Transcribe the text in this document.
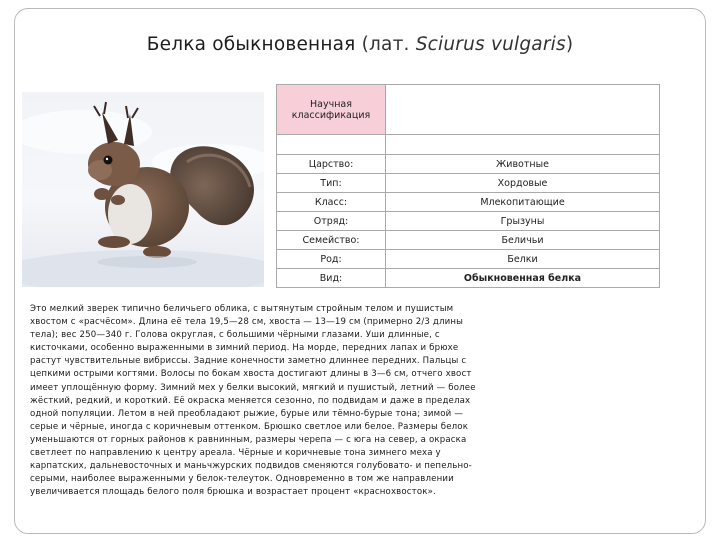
Белка обыкновенная (лат. Sciurus vulgaris)
Научная классификация	

Царство:	Животные
Тип:	Хордовые
Класс:	Млекопитающие
Отряд:	Грызуны
Семейство:	Беличьи
Род:	Белки
Вид:	Обыкновенная белка
Это мелкий зверек типично беличьего облика, с вытянутым стройным телом и пушистым хвостом с «расчёсом». Длина её тела 19,5—28 см, хвоста — 13—19 см (примерно 2/3 длины тела); вес 250—340 г. Голова округлая, с большими чёрными глазами. Уши длинные, с кисточками, особенно выраженными в зимний период. На морде, передних лапах и брюхе растут чувствительные вибриссы. Задние конечности заметно длиннее передних. Пальцы с цепкими острыми когтями. Волосы по бокам хвоста достигают длины в 3—6 см, отчего хвост имеет уплощённую форму. Зимний мех у белки высокий, мягкий и пушистый, летний — более жёсткий, редкий, и короткий. Её окраска меняется сезонно, по подвидам и даже в пределах одной популяции. Летом в ней преобладают рыжие, бурые или тёмно-бурые тона; зимой — серые и чёрные, иногда с коричневым оттенком. Брюшко светлое или белое. Размеры белок уменьшаются от горных районов к равнинным, размеры черепа — с юга на север, а окраска светлеет по направлению к центру ареала. Чёрные и коричневые тона зимнего меха у карпатских, дальневосточных и маньчжурских подвидов сменяются голубовато- и пепельно-серыми, наиболее выраженными у белок-телеуток. Одновременно в том же направлении увеличивается площадь белого поля брюшка и возрастает процент «красноxвосток».
